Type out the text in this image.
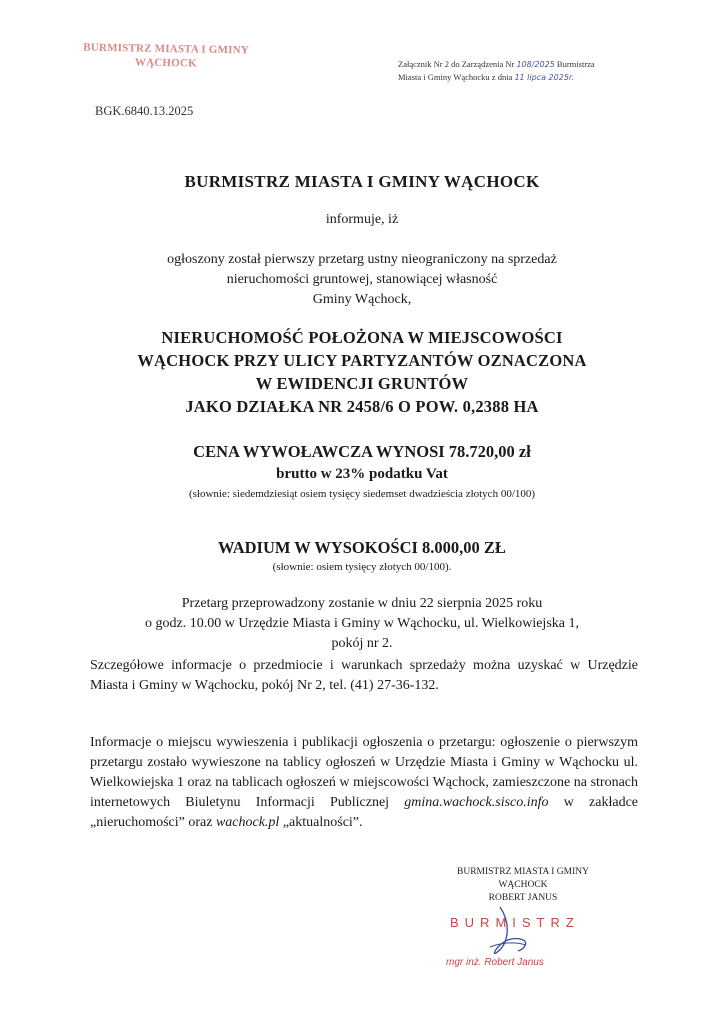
BURMISTRZ MIASTA I GMINY
WĄCHOCK	Załącznik Nr 2 do Zarządzenia Nr 108/2025 Burmistrza
Miasta i Gminy Wąchocku z dnia 11 lipca 2025r.
BGK.6840.13.2025
BURMISTRZ MIASTA I GMINY WĄCHOCK
informuje, iż
ogłoszony został pierwszy przetarg ustny nieograniczony na sprzedaż
nieruchomości gruntowej, stanowiącej własność
Gminy Wąchock,
NIERUCHOMOŚĆ POŁOŻONA W MIEJSCOWOŚCI
WĄCHOCK PRZY ULICY PARTYZANTÓW OZNACZONA
W EWIDENCJI GRUNTÓW
JAKO DZIAŁKA NR 2458/6 O POW. 0,2388 HA
CENA WYWOŁAWCZA WYNOSI 78.720,00 zł
brutto w 23% podatku Vat
(słownie: siedemdziesiąt osiem tysięcy siedemset dwadzieścia złotych 00/100)
WADIUM W WYSOKOŚCI 8.000,00 ZŁ
(słownie: osiem tysięcy złotych 00/100).
Przetarg przeprowadzony zostanie w dniu 22 sierpnia 2025 roku
o godz. 10.00 w Urzędzie Miasta i Gminy w Wąchocku, ul. Wielkowiejska 1,
pokój nr 2.
Szczegółowe informacje o przedmiocie i warunkach sprzedaży można uzyskać w Urzędzie Miasta i Gminy w Wąchocku, pokój Nr 2, tel. (41) 27-36-132.
Informacje o miejscu wywieszenia i publikacji ogłoszenia o przetargu: ogłoszenie o pierwszym przetargu zostało wywieszone na tablicy ogłoszeń w Urzędzie Miasta i Gminy w Wąchocku ul. Wielkowiejska 1 oraz na tablicach ogłoszeń w miejscowości Wąchock, zamieszczone na stronach internetowych Biuletynu Informacji Publicznej gmina.wachock.sisco.info w zakładce „nieruchomości” oraz wachock.pl „aktualności”.
BURMISTRZ MIASTA I GMINY
WĄCHOCK
ROBERT JANUS
BURMISTRZ
mgr inż. Robert Janus
